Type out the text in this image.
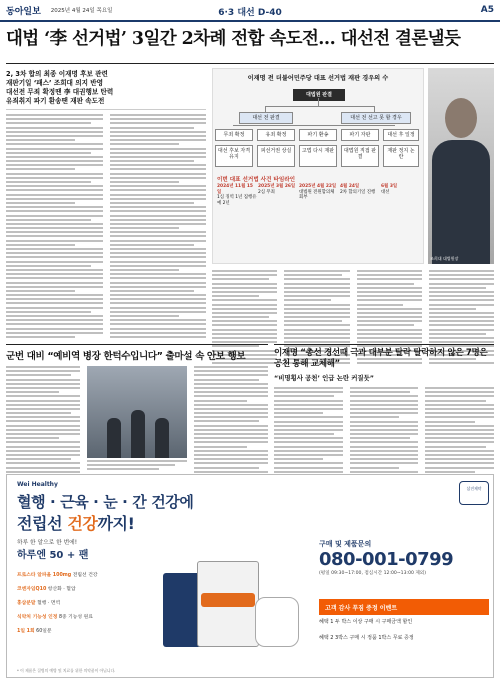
동아일보 2025년 4월 24일 목요일	6·3 대선 D-40	A5
대법 ‘李 선거법’ 3일간 2차례 전합 속도전… 대선전 결론낼듯
2, 3차 합의 최종 이재명 후보 관련
재판기일 ‘패스’ 조희대 의지 반영
대선전 무죄 확정땐 李 대권행보 탄력
유죄취지 파기 환송땐 재판 속도전
이재명 전 더불어민주당 대표 선거법 재판 경우의 수
대법원 판결
대선 전 판결	대선 전 선고 못 할 경우
무죄 확정	유죄 확정	파기 환송	파기 자판	대선 후 일정
대선 후보 자격 유지
피선거권 상실	고법 다시 재판	대법원 직접 판결
재판 정지 논란
이번 대표 선거법 사건 타임라인
2024년 11월 15일
1심 징역 1년 집행유예 2년
2025년 3월 26일
2심 무죄
2025년 4월 22일
대법원 전원합의체 회부
4월 24일
2차 합의기일 진행
6월 3일
대선
조희대 대법원장
군번 대비 “예비역 병장 한턱수입니다” 출마설 속 안보 행보	이재명 “총선 경선때 극과 대부분 탈락 탈락하지 않은 7명은 공천 통해 교체해”
“비명횡사 공천’ 인급 논란 커질듯”
Wei Healthy
혈행 · 근육 · 눈 · 간 건강에
전립선 건강까지!
하루 한 알으로 한 번에!
하루엔 50 + 팬
프로스타 알파올 100mg 전립선 건강
코엔자임Q10 항산화 · 혈압
홍삼분말 혈행 · 면역
식약처 기능성 인정 8중 기능성 원료
1일 1회 60일분
삼진제약
구매 및 제품문의
080-001-0799
(평일 09:30~17:00, 점심시간 12:00~13:00 제외)
고객 감사 푸짐 증정 이벤트
혜택 1 두 박스 이상 구매 시 구매금액 할인
혜택 2 3박스 구매 시 정품 1박스 무료 증정
* 이 제품은 질병의 예방 및 치료를 위한 의약품이 아닙니다.
